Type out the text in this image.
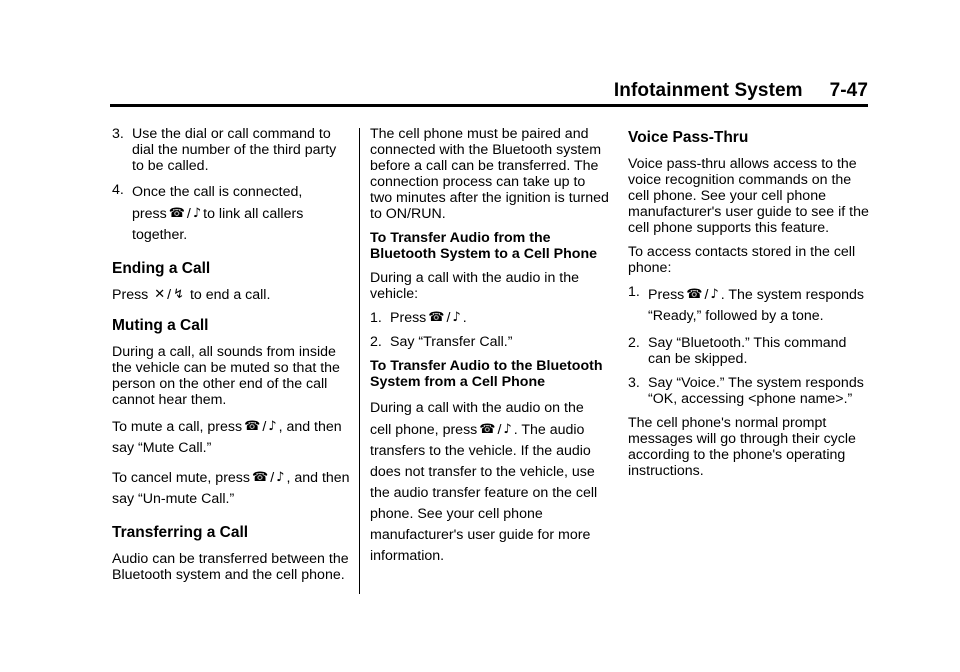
Infotainment System     7-47
3. Use the dial or call command to dial the number of the third party to be called.
4. Once the call is connected,
press ☎ / ♪ to link all callers together.
Ending a Call

Press ✕ / ↯ to end a call.

Muting a Call

During a call, all sounds from inside the vehicle can be muted so that the person on the other end of the call cannot hear them.

To mute a call, press ☎ / ♪ , and then say “Mute Call.”

To cancel mute, press ☎ / ♪ , and then say “Un-mute Call.”

Transferring a Call

Audio can be transferred between the Bluetooth system and the cell phone.

The cell phone must be paired and connected with the Bluetooth system before a call can be transferred. The connection process can take up to two minutes after the ignition is turned to ON/RUN.

To Transfer Audio from the Bluetooth System to a Cell Phone

During a call with the audio in the vehicle:

1. Press ☎ / ♪ .
2. Say “Transfer Call.”
To Transfer Audio to the Bluetooth System from a Cell Phone

During a call with the audio on the

cell phone, press ☎ / ♪ . The audio transfers to the vehicle. If the audio does not transfer to the vehicle, use the audio transfer feature on the cell phone. See your cell phone manufacturer's user guide for more information.

Voice Pass-Thru

Voice pass-thru allows access to the voice recognition commands on the cell phone. See your cell phone manufacturer's user guide to see if the cell phone supports this feature.

To access contacts stored in the cell phone:

1. Press ☎ / ♪ . The system responds “Ready,” followed by a tone.
2. Say “Bluetooth.” This command can be skipped.
3. Say “Voice.” The system responds “OK, accessing <phone name>.”

The cell phone's normal prompt messages will go through their cycle according to the phone's operating instructions.
